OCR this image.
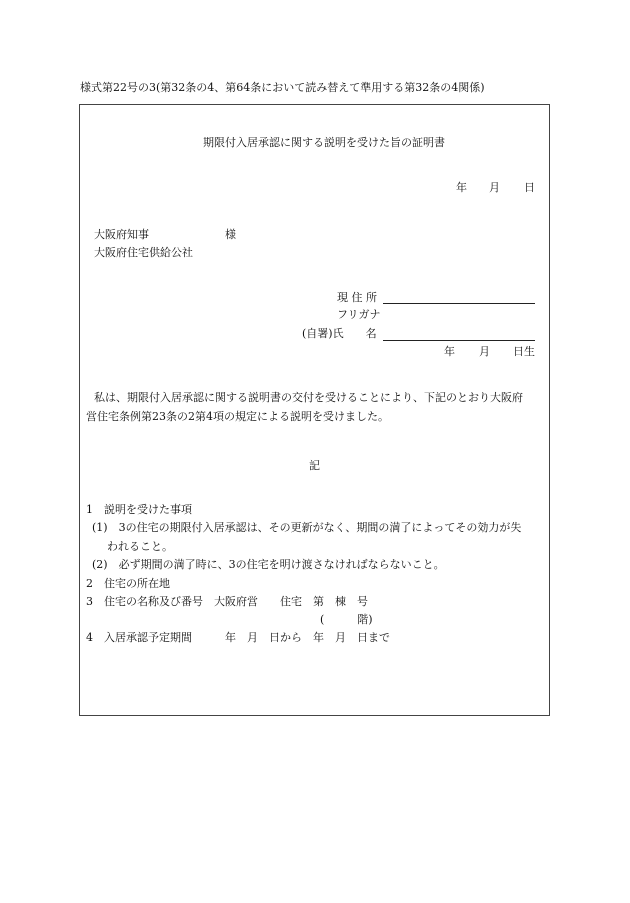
様式第22号の3(第32条の4、第64条において読み替えて準用する第32条の4関係)
期限付入居承認に関する説明を受けた旨の証明書
年 月 日
大阪府知事	様
大阪府住宅供給公社
現 住 所
フリガナ
(自署)氏　　名
年 月 日生
私は、期限付入居承認に関する説明書の交付を受けることにより、下記のとおり大阪府
営住宅条例第23条の2第4項の規定による説明を受けました。
記
1　説明を受けた事項
(1)　3の住宅の期限付入居承認は、その更新がなく、期間の満了によってその効力が失
われること。
(2)　必ず期間の満了時に、3の住宅を明け渡さなければならないこと。
2　住宅の所在地
3　住宅の名称及び番号　大阪府営　　住宅　第　棟　号
(　　　階)
4　入居承認予定期間　　　年　月　日から　年　月　日まで
